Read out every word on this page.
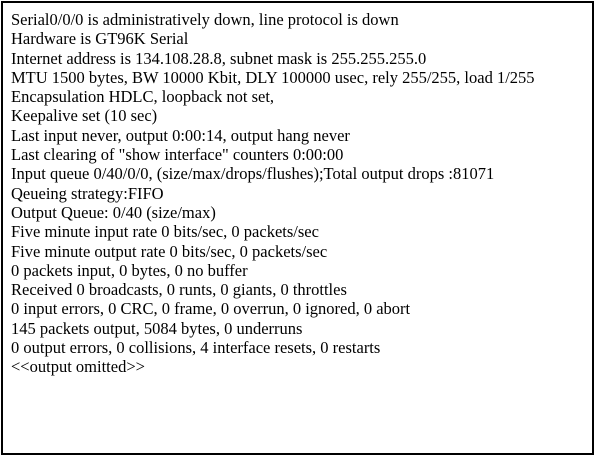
Serial0/0/0 is administratively down, line protocol is down
Hardware is GT96K Serial
Internet address is 134.108.28.8, subnet mask is 255.255.255.0
MTU 1500 bytes, BW 10000 Kbit, DLY 100000 usec, rely 255/255, load 1/255
Encapsulation HDLC, loopback not set,
Keepalive set (10 sec)
Last input never, output 0:00:14, output hang never
Last clearing of "show interface" counters 0:00:00
Input queue 0/40/0/0, (size/max/drops/flushes);Total output drops :81071
Qeueing strategy:FIFO
Output Queue: 0/40 (size/max)
Five minute input rate 0 bits/sec, 0 packets/sec
Five minute output rate 0 bits/sec, 0 packets/sec
0 packets input, 0 bytes, 0 no buffer
Received 0 broadcasts, 0 runts, 0 giants, 0 throttles
0 input errors, 0 CRC, 0 frame, 0 overrun, 0 ignored, 0 abort
145 packets output, 5084 bytes, 0 underruns
0 output errors, 0 collisions, 4 interface resets, 0 restarts
<<output omitted>>
